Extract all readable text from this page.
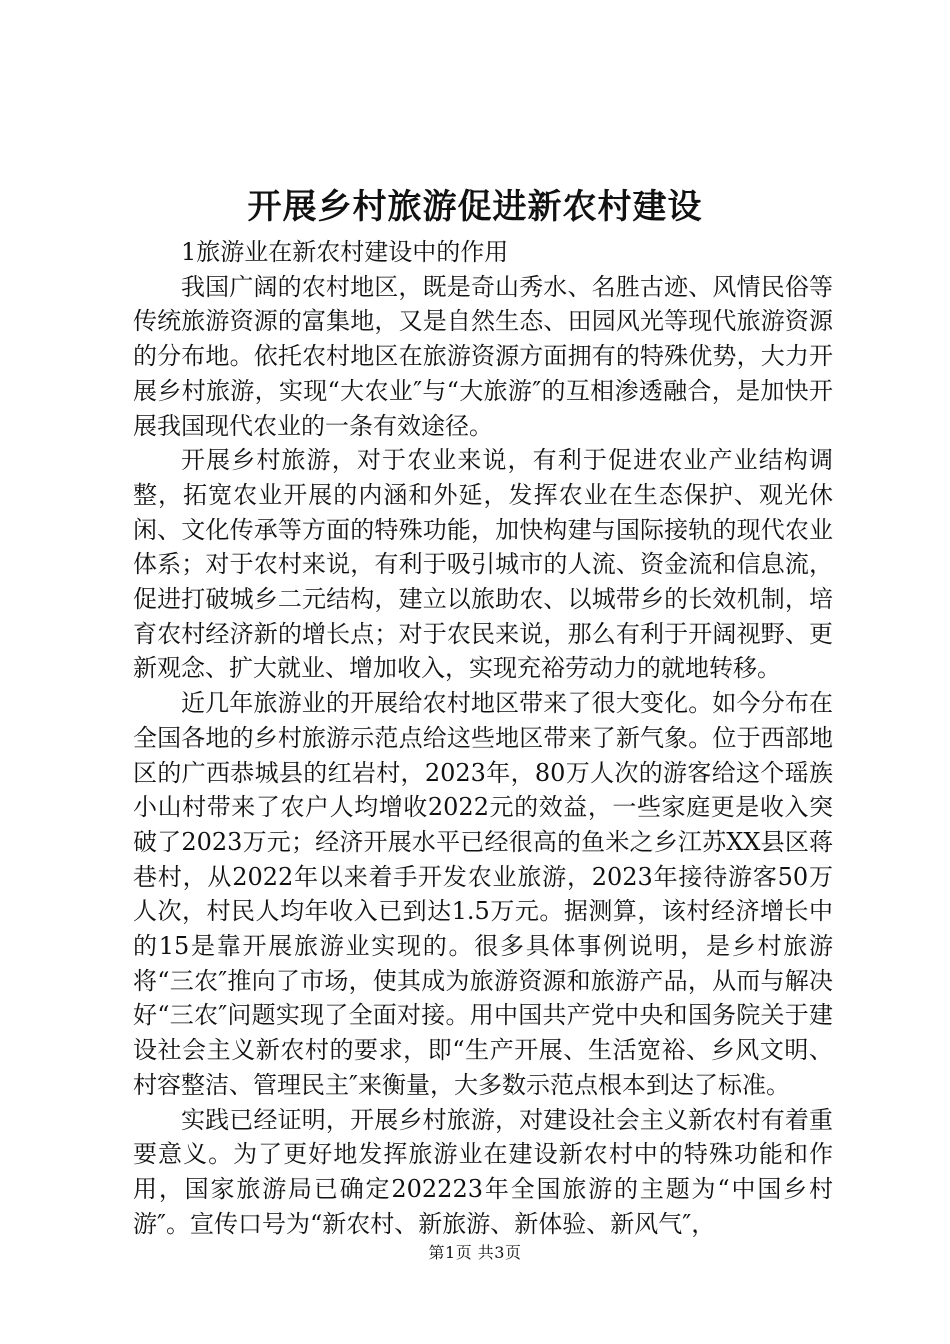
开展乡村旅游促进新农村建设

1旅游业在新农村建设中的作用

我国广阔的农村地区，既是奇山秀水、名胜古迹、风情民俗等传统旅游资源的富集地，又是自然生态、田园风光等现代旅游资源的分布地。依托农村地区在旅游资源方面拥有的特殊优势，大力开展乡村旅游，实现“大农业″与“大旅游″的互相渗透融合，是加快开展我国现代农业的一条有效途径。

开展乡村旅游，对于农业来说，有利于促进农业产业结构调整，拓宽农业开展的内涵和外延，发挥农业在生态保护、观光休闲、文化传承等方面的特殊功能，加快构建与国际接轨的现代农业体系；对于农村来说，有利于吸引城市的人流、资金流和信息流，促进打破城乡二元结构，建立以旅助农、以城带乡的长效机制，培育农村经济新的增长点；对于农民来说，那么有利于开阔视野、更新观念、扩大就业、增加收入，实现充裕劳动力的就地转移。

近几年旅游业的开展给农村地区带来了很大变化。如今分布在全国各地的乡村旅游示范点给这些地区带来了新气象。位于西部地区的广西恭城县的红岩村，2023年，80万人次的游客给这个瑶族小山村带来了农户人均增收2022元的效益，一些家庭更是收入突破了2023万元；经济开展水平已经很高的鱼米之乡江苏XX县区蒋巷村，从2022年以来着手开发农业旅游，2023年接待游客50万人次，村民人均年收入已到达1.5万元。据测算，该村经济增长中的15是靠开展旅游业实现的。很多具体事例说明，是乡村旅游将“三农″推向了市场，使其成为旅游资源和旅游产品，从而与解决好“三农″问题实现了全面对接。用中国共产党中央和国务院关于建设社会主义新农村的要求，即“生产开展、生活宽裕、乡风文明、村容整洁、管理民主″来衡量，大多数示范点根本到达了标准。

实践已经证明，开展乡村旅游，对建设社会主义新农村有着重要意义。为了更好地发挥旅游业在建设新农村中的特殊功能和作用，国家旅游局已确定202223年全国旅游的主题为“中国乡村游″。宣传口号为“新农村、新旅游、新体验、新风气″，

第1页 共3页
